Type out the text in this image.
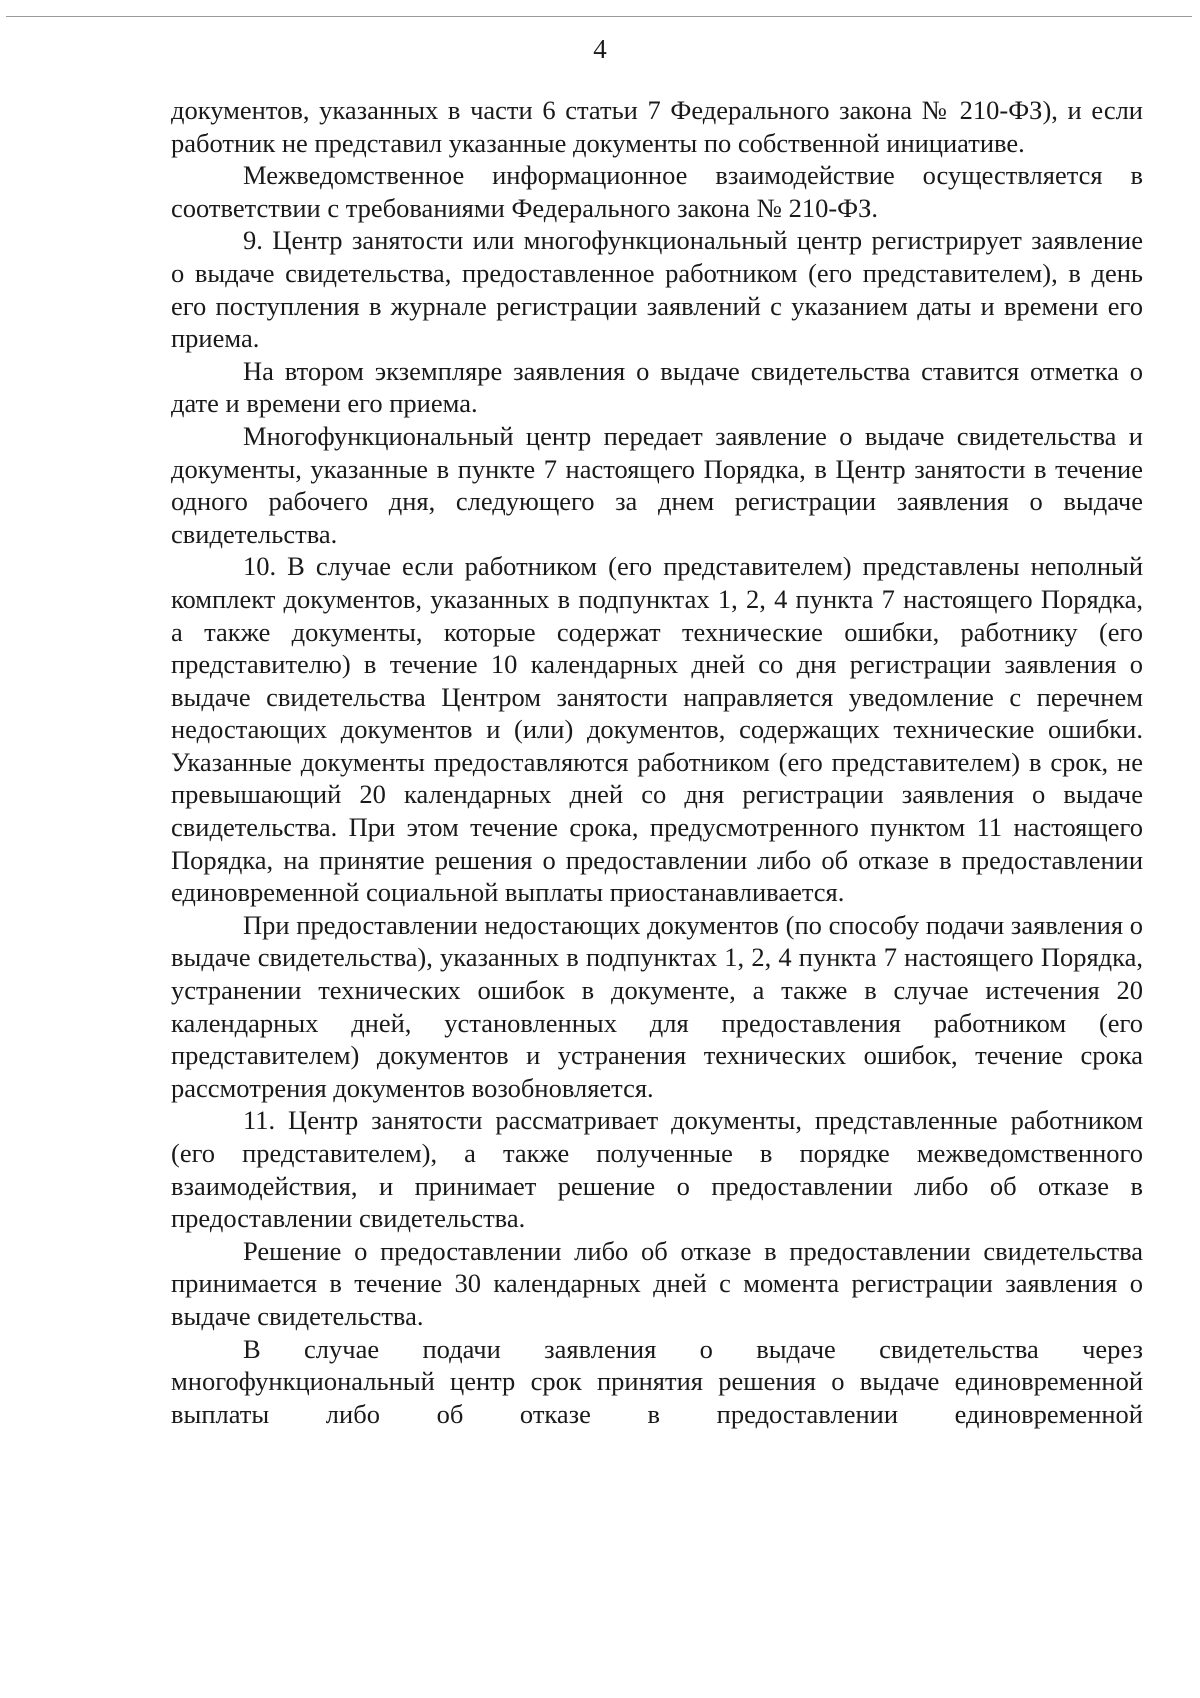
4

документов, указанных в части 6 статьи 7 Федерального закона № 210-ФЗ), и если работник не представил указанные документы по собственной инициативе.

Межведомственное информационное взаимодействие осуществляется в соответствии с требованиями Федерального закона № 210-ФЗ.

9. Центр занятости или многофункциональный центр регистрирует заявление о выдаче свидетельства, предоставленное работником (его представителем), в день его поступления в журнале регистрации заявлений с указанием даты и времени его приема.

На втором экземпляре заявления о выдаче свидетельства ставится отметка о дате и времени его приема.

Многофункциональный центр передает заявление о выдаче свидетельства и документы, указанные в пункте 7 настоящего Порядка, в Центр занятости в течение одного рабочего дня, следующего за днем регистрации заявления о выдаче свидетельства.

10. В случае если работником (его представителем) представлены неполный комплект документов, указанных в подпунктах 1, 2, 4 пункта 7 настоящего Порядка, а также документы, которые содержат технические ошибки, работнику (его представителю) в течение 10 календарных дней со дня регистрации заявления о выдаче свидетельства Центром занятости направляется уведомление с перечнем недостающих документов и (или) документов, содержащих технические ошибки. Указанные документы предоставляются работником (его представителем) в срок, не превышающий 20 календарных дней со дня регистрации заявления о выдаче свидетельства. При этом течение срока, предусмотренного пунктом 11 настоящего Порядка, на принятие решения о предоставлении либо об отказе в предоставлении единовременной социальной выплаты приостанавливается.

При предоставлении недостающих документов (по способу подачи заявления о выдаче свидетельства), указанных в подпунктах 1, 2, 4 пункта 7 настоящего Порядка, устранении технических ошибок в документе, а также в случае истечения 20 календарных дней, установленных для предоставления работником (его представителем) документов и устранения технических ошибок, течение срока рассмотрения документов возобновляется.

11. Центр занятости рассматривает документы, представленные работником (его представителем), а также полученные в порядке межведомственного взаимодействия, и принимает решение о предоставлении либо об отказе в предоставлении свидетельства.

Решение о предоставлении либо об отказе в предоставлении свидетельства принимается в течение 30 календарных дней с момента регистрации заявления о выдаче свидетельства.

В случае подачи заявления о выдаче свидетельства через многофункциональный центр срок принятия решения о выдаче единовременной выплаты либо об отказе в предоставлении единовременной
